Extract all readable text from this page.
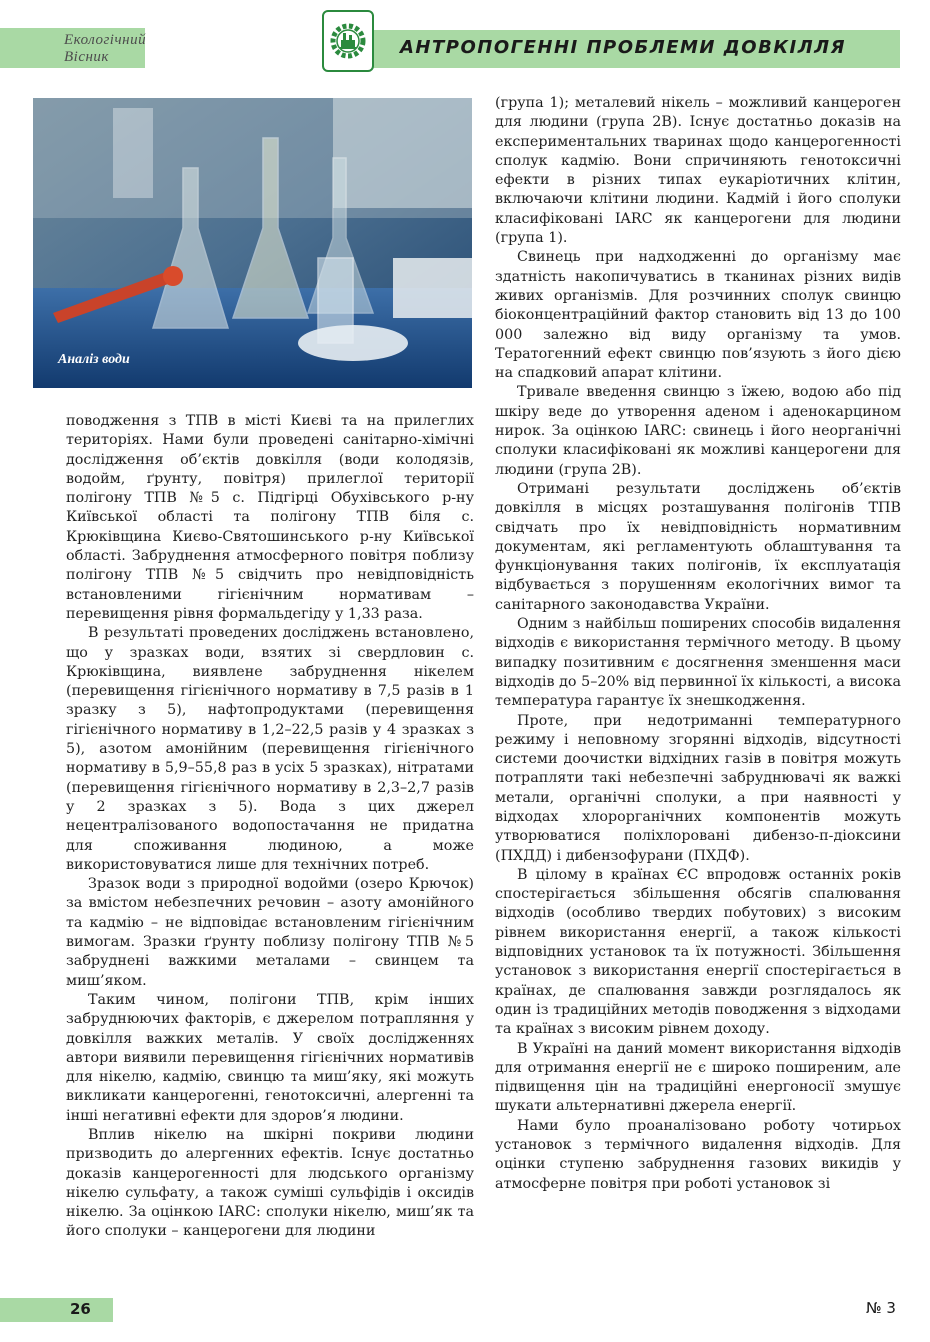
Екологічний
Вісник	АНТРОПОГЕННІ ПРОБЛЕМИ ДОВКІЛЛЯ
Аналіз води

поводження з ТПВ в місті Києві та на прилеглих територіях. Нами були проведені санітарно-хімічні дослідження об’єктів довкілля (води колодязів, водойм, ґрунту, повітря) прилеглої території полігону ТПВ №5 с. Підгірці Обухівського р-ну Київської області та полігону ТПВ біля с. Крюківщина Києво-Святошинського р-ну Київської області. Забруднення атмосферного повітря поблизу полігону ТПВ №5 свідчить про невідповідність встановленими гігієнічним нормативам – перевищення рівня формальдегіду у 1,33 раза.

В результаті проведених досліджень встановлено, що у зразках води, взятих зі свердловин с. Крюківщина, виявлене забруднення нікелем (перевищення гігієнічного нормативу в 7,5 разів в 1 зразку з 5), нафтопродуктами (перевищення гігієнічного нормативу в 1,2–22,5 разів у 4 зразках з 5), азотом амонійним (перевищення гігієнічного нормативу в 5,9–55,8 раз в усіх 5 зразках), нітратами (перевищення гігієнічного нормативу в 2,3–2,7 разів у 2 зразках з 5). Вода з цих джерел нецентралізованого водопостачання не придатна для споживання людиною, а може використовуватися лише для технічних потреб.

Зразок води з природної водойми (озеро Крючок) за вмістом небезпечних речовин – азоту амонійного та кадмію – не відповідає встановленим гігієнічним вимогам. Зразки ґрунту поблизу полігону ТПВ №5 забруднені важкими металами – свинцем та миш’яком.

Таким чином, полігони ТПВ, крім інших забруднюючих факторів, є джерелом потрапляння у довкілля важких металів. У своїх дослідженнях автори виявили перевищення гігієнічних нормативів для нікелю, кадмію, свинцю та миш’яку, які можуть викликати канцерогенні, генотоксичні, алергенні та інші негативні ефекти для здоров’я людини.

Вплив нікелю на шкірні покриви людини призводить до алергенних ефектів. Існує достатньо доказів канцерогенності для людського організму нікелю сульфату, а також суміші сульфідів і оксидів нікелю. За оцінкою IARC: сполуки нікелю, миш’як та його сполуки – канцерогени для людини

(група 1); металевий нікель – можливий канцероген для людини (група 2B). Існує достатньо доказів на експериментальних тваринах щодо канцерогенності сполук кадмію. Вони спричиняють генотоксичні ефекти в різних типах еукаріотичних клітин, включаючи клітини людини. Кадмій і його сполуки класифіковані IARC як канцерогени для людини (група 1).

Свинець при надходженні до організму має здатність накопичуватись в тканинах різних видів живих організмів. Для розчинних сполук свинцю біоконцентраційний фактор становить від 13 до 100 000 залежно від виду організму та умов. Тератогенний ефект свинцю пов’язують з його дією на спадковий апарат клітини.

Тривале введення свинцю з їжею, водою або під шкіру веде до утворення аденом і аденокарцином нирок. За оцінкою IARC: свинець і його неорганічні сполуки класифіковані як можливі канцерогени для людини (група 2B).

Отримані результати досліджень об’єктів довкілля в місцях розташування полігонів ТПВ свідчать про їх невідповідність нормативним документам, які регламентують облаштування та функціонування таких полігонів, їх експлуатація відбувається з порушенням екологічних вимог та санітарного законодавства України.

Одним з найбільш поширених способів видалення відходів є використання термічного методу. В цьому випадку позитивним є досягнення зменшення маси відходів до 5–20% від первинної їх кількості, а висока температура гарантує їх знешкодження.

Проте, при недотриманні температурного режиму і неповному згорянні відходів, відсутності системи доочистки відхідних газів в повітря можуть потрапляти такі небезпечні забруднювачі як важкі метали, органічні сполуки, а при наявності у відходах хлорорганічних компонентів можуть утворюватися поліхлоровані дибензо-п-діоксини (ПХДД) і дибензофурани (ПХДФ).

В цілому в країнах ЄС впродовж останніх років спостерігається збільшення обсягів спалювання відходів (особливо твердих побутових) з високим рівнем використання енергії, а також кількості відповідних установок та їх потужності. Збільшення установок з використання енергії спостерігається в країнах, де спалювання завжди розглядалось як один із традиційних методів поводження з відходами та країнах з високим рівнем доходу.

В Україні на даний момент використання відходів для отримання енергії не є широко поширеним, але підвищення цін на традиційні енергоносії змушує шукати альтернативні джерела енергії.

Нами було проаналізовано роботу чотирьох установок з термічного видалення відходів. Для оцінки ступеню забруднення газових викидів у атмосферне повітря при роботі установок зі

26	№ 3
